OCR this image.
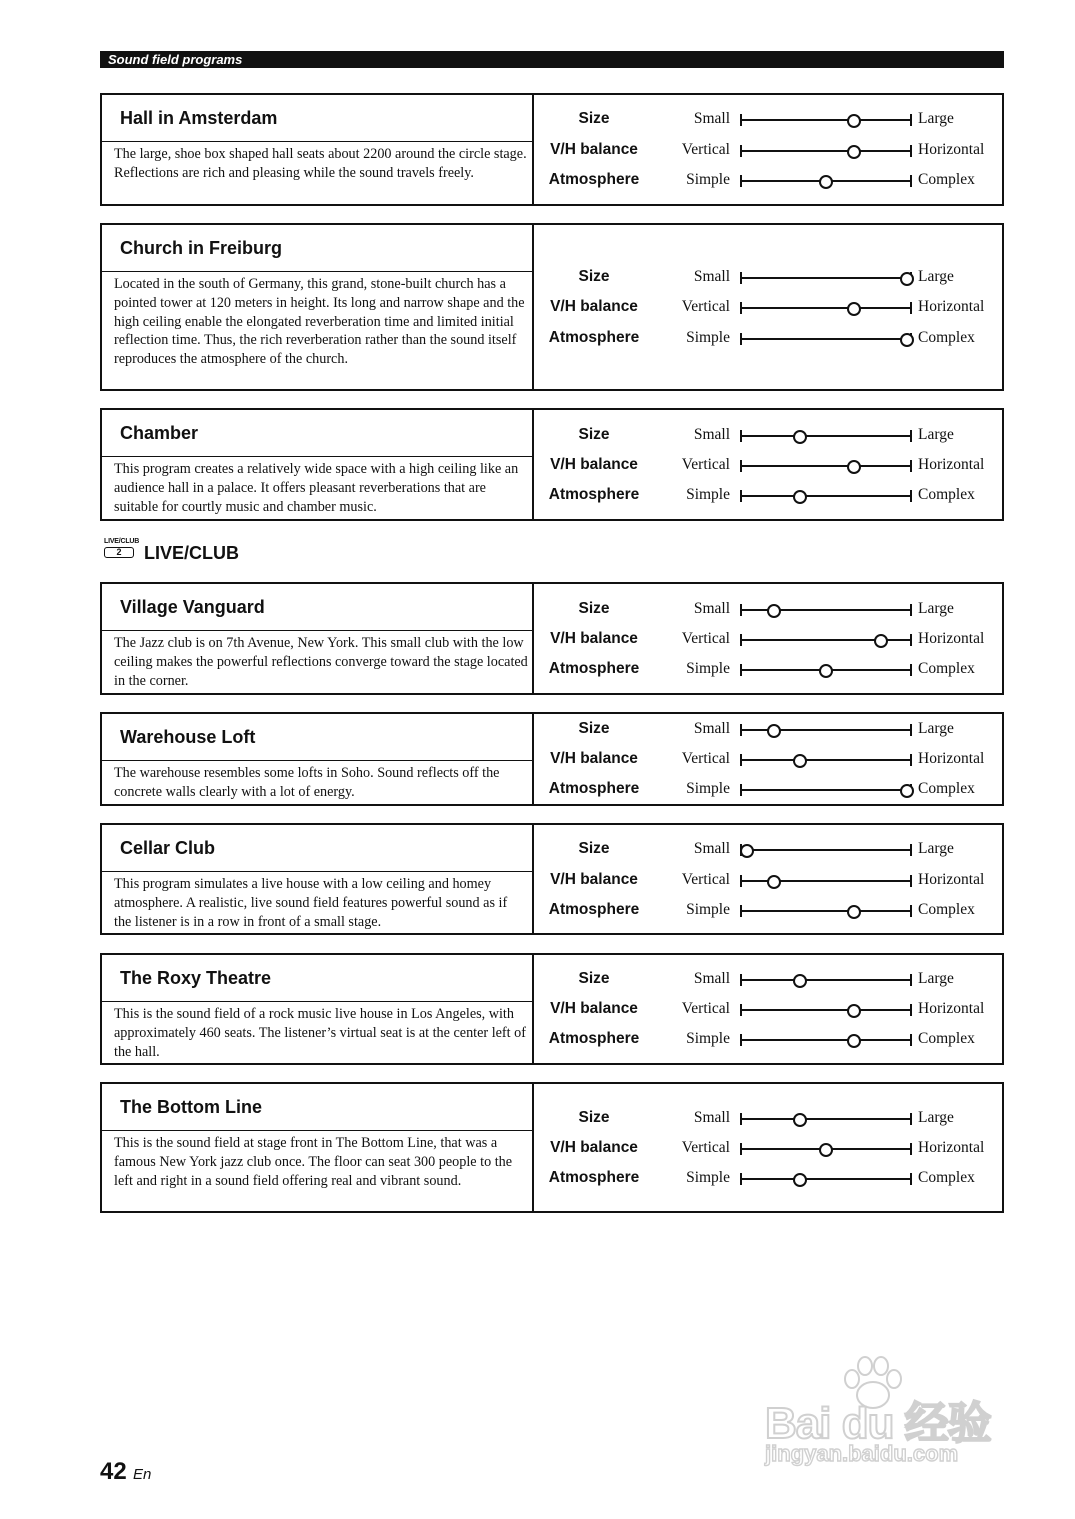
Sound field programs
Hall in Amsterdam
The large, shoe box shaped hall seats about 2200 around the circle stage. Reflections are rich and pleasing while the sound travels freely.
Size	Small	Large
V/H balance	Vertical	Horizontal
Atmosphere	Simple	Complex
Church in Freiburg
Located in the south of Germany, this grand, stone-built church has a pointed tower at 120 meters in height. Its long and narrow shape and the high ceiling enable the elongated reverberation time and limited initial reflection time. Thus, the rich reverberation rather than the sound itself reproduces the atmosphere of the church.
Size	Small	Large
V/H balance	Vertical	Horizontal
Atmosphere	Simple	Complex
Chamber
This program creates a relatively wide space with a high ceiling like an audience hall in a palace. It offers pleasant reverberations that are suitable for courtly music and chamber music.
Size	Small	Large
V/H balance	Vertical	Horizontal
Atmosphere	Simple	Complex
Village Vanguard
The Jazz club is on 7th Avenue, New York. This small club with the low ceiling makes the powerful reflections converge toward the stage located in the corner.
Size	Small	Large
V/H balance	Vertical	Horizontal
Atmosphere	Simple	Complex
Warehouse Loft
The warehouse resembles some lofts in Soho. Sound reflects off the concrete walls clearly with a lot of energy.
Size	Small	Large
V/H balance	Vertical	Horizontal
Atmosphere	Simple	Complex
Cellar Club
This program simulates a live house with a low ceiling and homey atmosphere. A realistic, live sound field features powerful sound as if the listener is in a row in front of a small stage.
Size	Small	Large
V/H balance	Vertical	Horizontal
Atmosphere	Simple	Complex
The Roxy Theatre
This is the sound field of a rock music live house in Los Angeles, with approximately 460 seats. The listener’s virtual seat is at the center left of the hall.
Size	Small	Large
V/H balance	Vertical	Horizontal
Atmosphere	Simple	Complex
The Bottom Line
This is the sound field at stage front in The Bottom Line, that was a famous New York jazz club once. The floor can seat 300 people to the left and right in a sound field offering real and vibrant sound.
Size	Small	Large
V/H balance	Vertical	Horizontal
Atmosphere	Simple	Complex
LIVE/CLUB
2	LIVE/CLUB
42 En
Bai du 经验
jingyan.baidu.com
